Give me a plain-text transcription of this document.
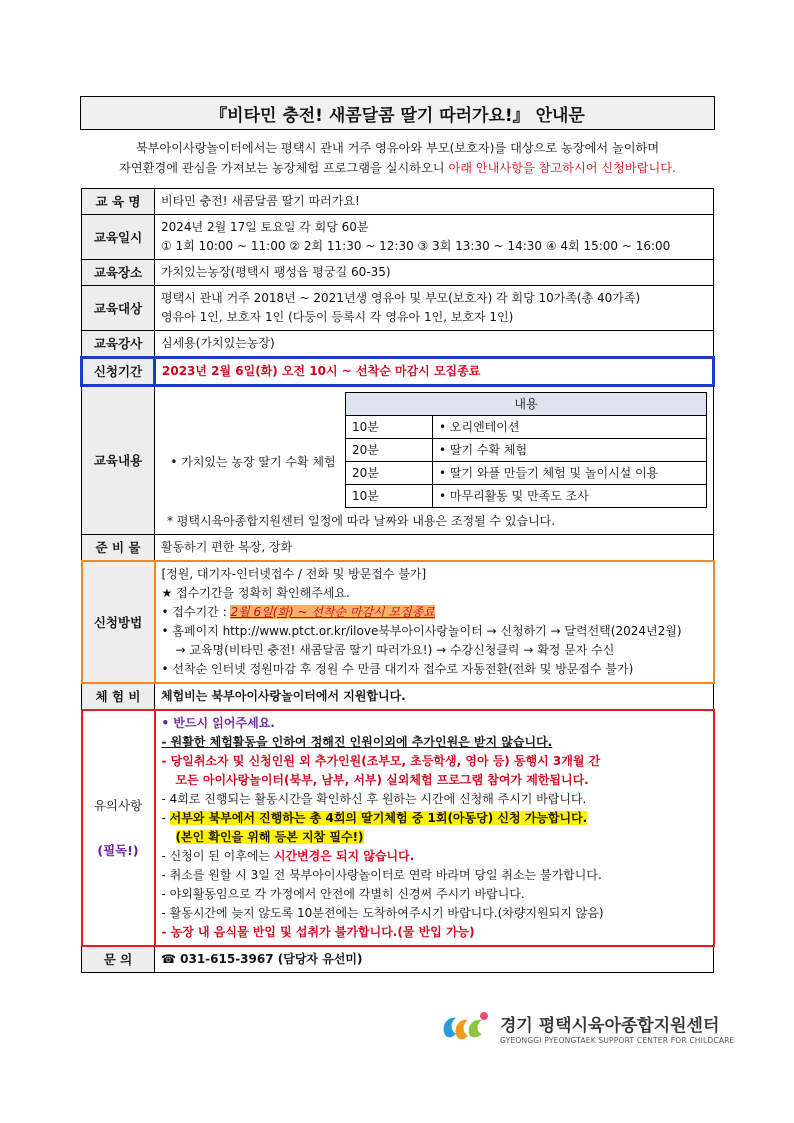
『비타민 충전! 새콤달콤 딸기 따러가요!』 안내문
북부아이사랑놀이터에서는 평택시 관내 거주 영유아와 부모(보호자)를 대상으로 농장에서 놀이하며
자연환경에 관심을 가져보는 농장체험 프로그램을 실시하오니 아래 안내사항을 참고하시어 신청바랍니다.
교 육 명	비타민 충전! 새콤달콤 딸기 따러가요!
교육일시	
2024년 2월 17일 토요일 각 회당 60분
① 1회 10:00 ~ 11:00 ② 2회 11:30 ~ 12:30 ③ 3회 13:30 ~ 14:30 ④ 4회 15:00 ~ 16:00

교육장소	가치있는농장(평택시 팽성읍 평궁길 60-35)
교육대상	
평택시 관내 거주 2018년 ~ 2021년생 영유아 및 부모(보호자) 각 회당 10가족(총 40가족)
영유아 1인, 보호자 1인 (다둥이 등록시 각 영유아 1인, 보호자 1인)

교육강사	심세용(가치있는농장)
신청기간	2023년 2월 6일(화) 오전 10시 ~ 선착순 마감시 모집종료
교육내용	
	내용
• 가치있는 농장 딸기 수확 체험	10분	• 오리엔테이션
20분	• 딸기 수확 체험
20분	• 딸기 와플 만들기 체험 및 놀이시설 이용
10분	• 마무리활동 및 만족도 조사
* 평택시육아종합지원센터 일정에 따라 날짜와 내용은 조정될 수 있습니다.

준 비 물	활동하기 편한 복장, 장화
신청방법	
[정원, 대기자-인터넷접수 / 전화 및 방문접수 불가]
★ 접수기간을 정확히 확인해주세요.
• 접수기간 : 2월 6일(화) ~ 선착순 마감시 모집종료
• 홈페이지 http://www.ptct.or.kr/ilove북부아이사랑놀이터 → 신청하기 → 달력선택(2024년2월)
→ 교육명(비타민 충전! 새콤달콤 딸기 따러가요!) → 수강신청클릭 → 확정 문자 수신
• 선착순 인터넷 정원마감 후 정원 수 만큼 대기자 접수로 자동전환(전화 및 방문접수 불가)

체 험 비	체험비는 북부아이사랑놀이터에서 지원합니다.

유의사항
(필독!)

• 반드시 읽어주세요.
- 원활한 체험활동을 인하여 정해진 인원이외에 추가인원은 받지 않습니다.
- 당일취소자 및 신청인원 외 추가인원(조부모, 초등학생, 영아 등) 동행시 3개월 간
모든 아이사랑놀이터(북부, 남부, 서부) 실외체험 프로그램 참여가 제한됩니다.
- 4회로 진행되는 활동시간을 확인하신 후 원하는 시간에 신청해 주시기 바랍니다.
- 서부와 북부에서 진행하는 총 4회의 딸기체험 중 1회(아동당) 신청 가능합니다.
(본인 확인을 위해 등본 지참 필수!)
- 신청이 된 이후에는 시간변경은 되지 않습니다.
- 취소를 원할 시 3일 전 북부아이사랑놀이터로 연락 바라며 당일 취소는 불가합니다.
- 야외활동임으로 각 가정에서 안전에 각별히 신경써 주시기 바랍니다.
- 활동시간에 늦지 않도록 10분전에는 도착하여주시기 바랍니다.(차량지원되지 않음)
- 농장 내 음식물 반입 및 섭취가 불가합니다.(물 반입 가능)

문 의	☎ 031-615-3967 (담당자 유선미)
경기 평택시육아종합지원센터
GYEONGGI PYEONGTAEK SUPPORT CENTER FOR CHILDCARE
